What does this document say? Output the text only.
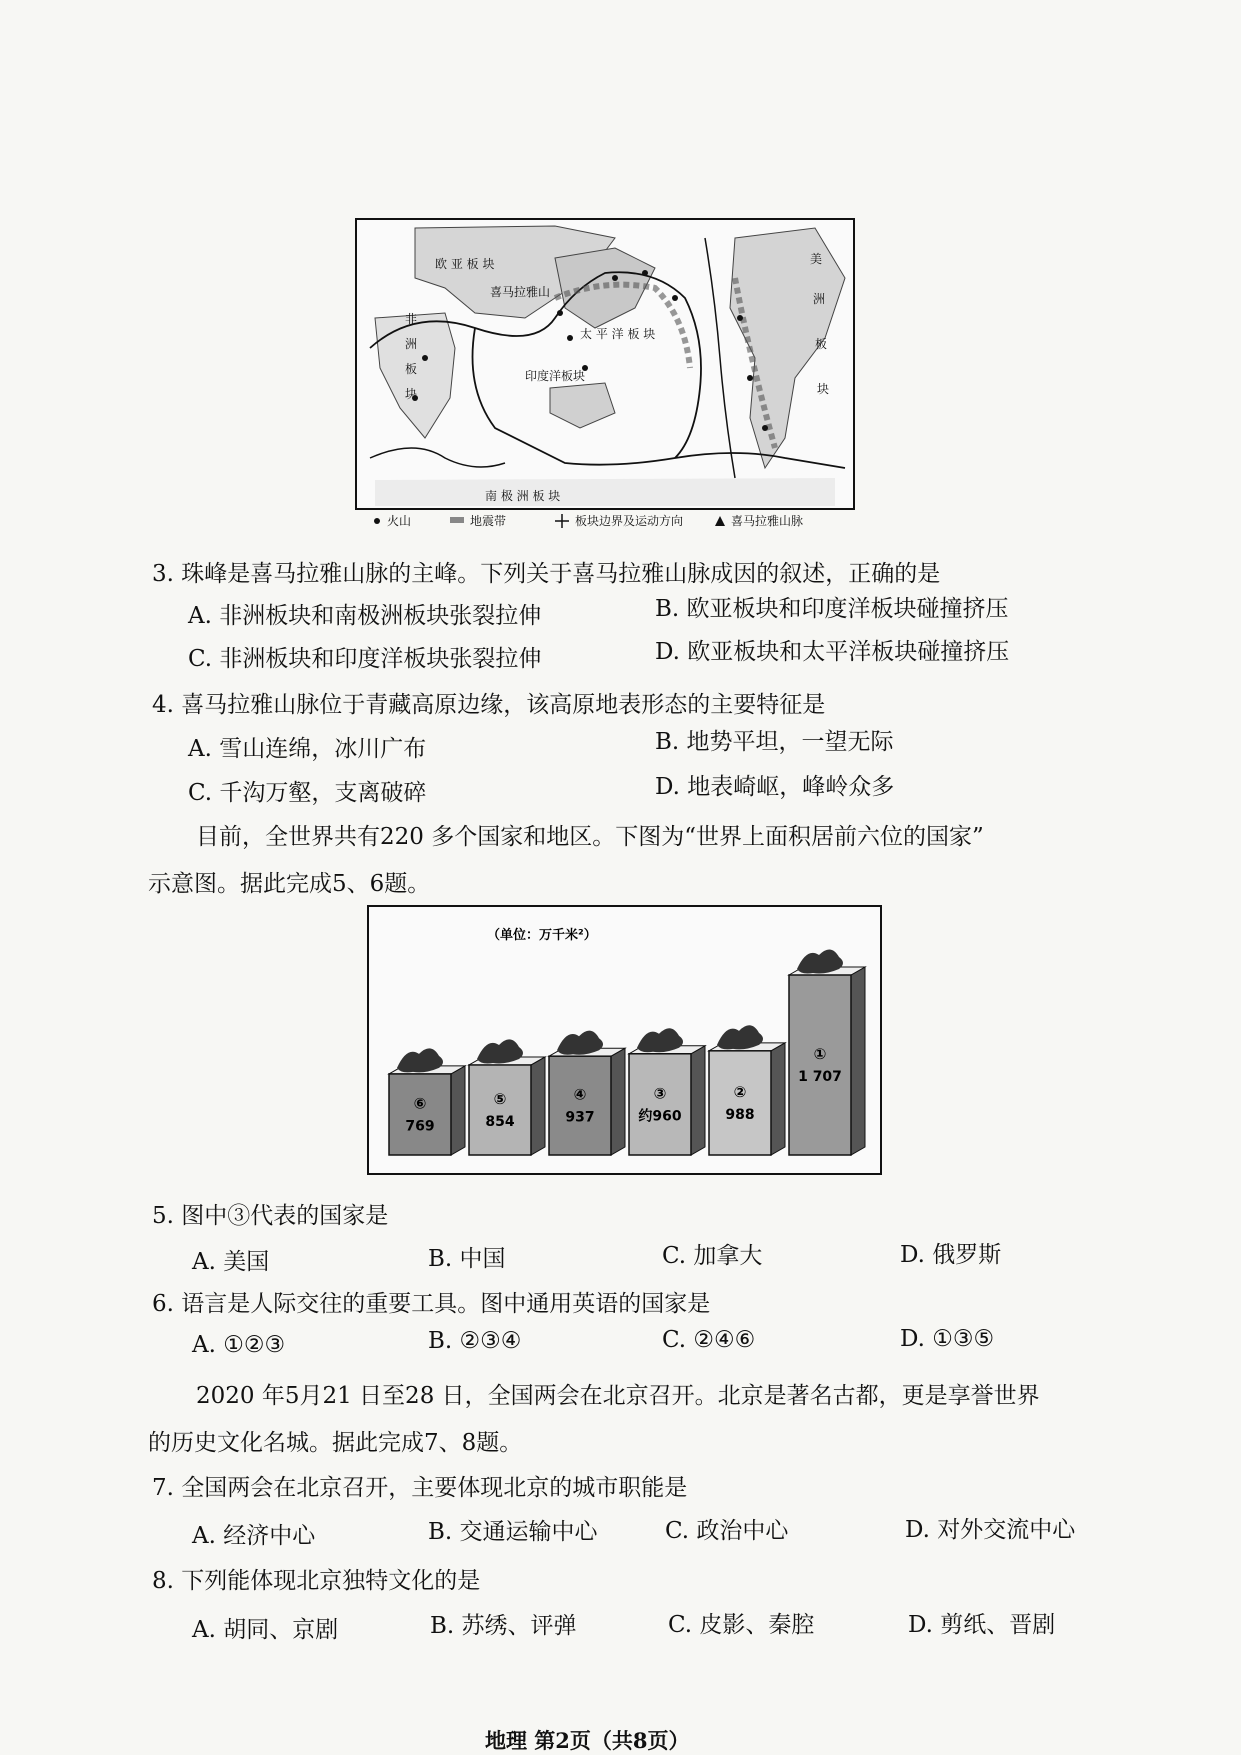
欧 亚 板 块
喜马拉雅山
非
洲
板
块
太 平 洋 板 块
印度洋板块
南 极 洲 板 块
美
洲
板
块
火山	地震带	板块边界及运动方向	喜马拉雅山脉
3. 珠峰是喜马拉雅山脉的主峰。下列关于喜马拉雅山脉成因的叙述，正确的是
A. 非洲板块和南极洲板块张裂拉伸	B. 欧亚板块和印度洋板块碰撞挤压
C. 非洲板块和印度洋板块张裂拉伸	D. 欧亚板块和太平洋板块碰撞挤压
4. 喜马拉雅山脉位于青藏高原边缘，该高原地表形态的主要特征是
A. 雪山连绵，冰川广布	B. 地势平坦，一望无际
C. 千沟万壑，支离破碎	D. 地表崎岖，峰岭众多
目前，全世界共有220 多个国家和地区。下图为“世界上面积居前六位的国家”
示意图。据此完成5、6题。
（单位：万千米²）
⑥
769
⑤
854
④
937
③
约960
②
988
①
1 707
5. 图中③代表的国家是
A. 美国	B. 中国	C. 加拿大	D. 俄罗斯
6. 语言是人际交往的重要工具。图中通用英语的国家是
A. ①②③	B. ②③④	C. ②④⑥	D. ①③⑤
2020 年5月21 日至28 日，全国两会在北京召开。北京是著名古都，更是享誉世界
的历史文化名城。据此完成7、8题。
7. 全国两会在北京召开，主要体现北京的城市职能是
A. 经济中心	B. 交通运输中心	C. 政治中心	D. 对外交流中心
8. 下列能体现北京独特文化的是
A. 胡同、京剧	B. 苏绣、评弹	C. 皮影、秦腔	D. 剪纸、晋剧
地理 第2页（共8页）
